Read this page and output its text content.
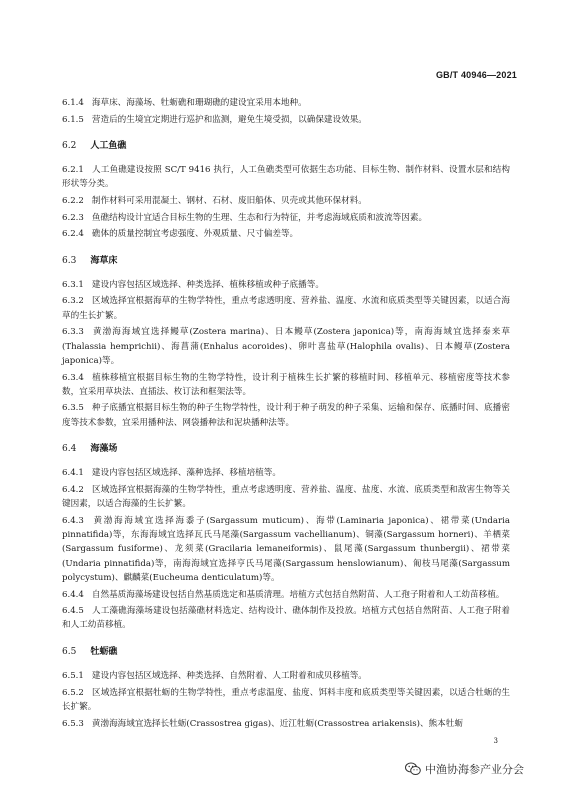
GB/T 40946—2021
6.1.4 海草床、海藻场、牡蛎礁和珊瑚礁的建设宜采用本地种。
6.1.5 营造后的生境宜定期进行巡护和监测，避免生境受损，以确保建设效果。
6.2 人工鱼礁
6.2.1 人工鱼礁建设按照 SC/T 9416 执行，人工鱼礁类型可依据生态功能、目标生物、制作材料、设置水层和结构形状等分类。
6.2.2 制作材料可采用混凝土、钢材、石材、废旧船体、贝壳或其他环保材料。
6.2.3 鱼礁结构设计宜适合目标生物的生理、生态和行为特征，并考虑海域底质和波流等因素。
6.2.4 礁体的质量控制宜考虑强度、外观质量、尺寸偏差等。
6.3 海草床
6.3.1 建设内容包括区域选择、种类选择、植株移植或种子底播等。
6.3.2 区域选择宜根据海草的生物学特性，重点考虑透明度、营养盐、温度、水流和底质类型等关键因素，以适合海草的生长扩繁。
6.3.3 黄渤海海域宜选择鳗草(Zostera marina)、日本鳗草(Zostera japonica)等，南海海域宜选择泰来草(Thalassia hemprichii)、海菖蒲(Enhalus acoroides)、卵叶喜盐草(Halophila ovalis)、日本鳗草(Zostera japonica)等。
6.3.4 植株移植宜根据目标生物的生物学特性，设计利于植株生长扩繁的移植时间、移植单元、移植密度等技术参数，宜采用草块法、直插法、枚订法和框架法等。
6.3.5 种子底播宜根据目标生物的种子生物学特性，设计利于种子萌发的种子采集、运输和保存、底播时间、底播密度等技术参数，宜采用播种法、网袋播种法和泥块播种法等。
6.4 海藻场
6.4.1 建设内容包括区域选择、藻种选择、移植培植等。
6.4.2 区域选择宜根据海藻的生物学特性，重点考虑透明度、营养盐、温度、盐度、水流、底质类型和敌害生物等关键因素，以适合海藻的生长扩繁。
6.4.3 黄渤海海域宜选择海黍子(Sargassum muticum)、海带(Laminaria japonica)、裙带菜(Undaria pinnatifida)等，东海海域宜选择瓦氏马尾藻(Sargassum vachellianum)、铜藻(Sargassum horneri)、羊栖菜(Sargassum fusiforme)、龙须菜(Gracilaria lemaneiformis)、鼠尾藻(Sargassum thunbergii)、裙带菜(Undaria pinnatifida)等，南海海域宜选择亨氏马尾藻(Sargassum henslowianum)、匍枝马尾藻(Sargassum polycystum)、麒麟菜(Eucheuma denticulatum)等。
6.4.4 自然基质海藻场建设包括自然基质选定和基质清理。培植方式包括自然附苗、人工孢子附着和人工幼苗移植。
6.4.5 人工藻礁海藻场建设包括藻礁材料选定、结构设计、礁体制作及投放。培植方式包括自然附苗、人工孢子附着和人工幼苗移植。
6.5 牡蛎礁
6.5.1 建设内容包括区域选择、种类选择、自然附着、人工附着和成贝移植等。
6.5.2 区域选择宜根据牡蛎的生物学特性，重点考虑温度、盐度、饵料丰度和底质类型等关键因素，以适合牡蛎的生长扩繁。
6.5.3 黄渤海海域宜选择长牡蛎(Crassostrea gigas)、近江牡蛎(Crassostrea ariakensis)、熊本牡蛎
3
中渔协海参产业分会
